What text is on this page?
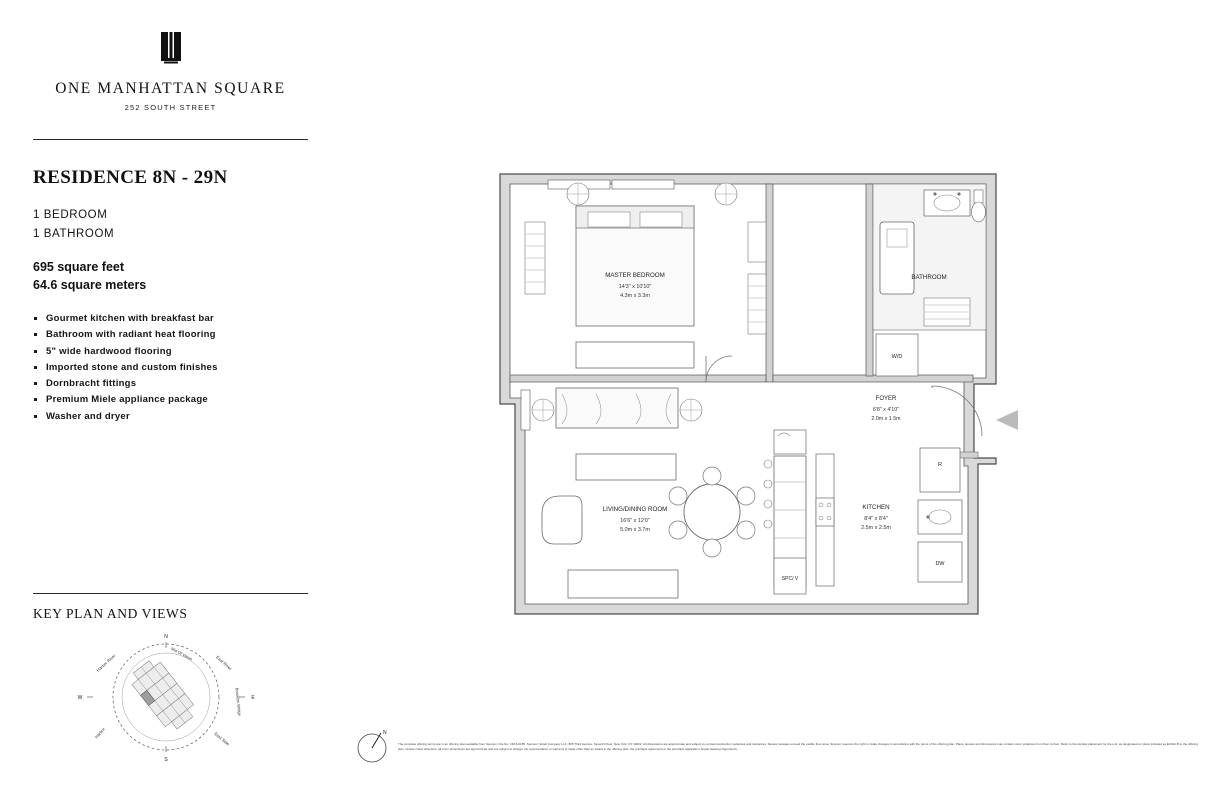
ONE MANHATTAN SQUARE
252 SOUTH STREET
RESIDENCE 8N - 29N
1 BEDROOM
1 BATHROOM
695 square feet
64.6 square meters
Gourmet kitchen with breakfast bar
Bathroom with radiant heat flooring
5" wide hardwood flooring
Imported stone and custom finishes
Dornbracht fittings
Premium Miele appliance package
Washer and dryer
KEY PLAN AND VIEWS
N
E
S
W
Harbor River	East River
Mid Of Views
Brooklyn Bridge
Harbor	East Side
MASTER BEDROOM
14'3" x 10'10"
4.3m x 3.3m
BATHROOM
W/D
FOYER
6'8" x 4'10"
2.0m x 1.5m
LIVING/DINING ROOM
16'6" x 12'0"
5.0m x 3.7m
R
DW
SPC/ V
KITCHEN
8'4" x 8'4"
2.5m x 2.5m
N
The complete offering terms are in an offering plan available from Sponsor. File No. CD16-0185. Sponsor: Extell Company LLC, 805 Third Avenue, Seventh Floor, New York, NY 10022. All dimensions are approximate and subject to normal construction variances and tolerances. Square footages exceed the usable floor area. Sponsor reserves the right to make changes in accordance with the terms of the offering plan. Plans, layouts and dimensions may contain minor variations from floor to floor. Refer to the window placement for the unit, as designated on plans included as Exhibit B to the offering plan. Unless noted otherwise, all room dimensions are approximate and are subject to change. No representation or warranty is made other than as stated in the offering plan, the purchase agreement or the purchase application. Equal Housing Opportunity.
